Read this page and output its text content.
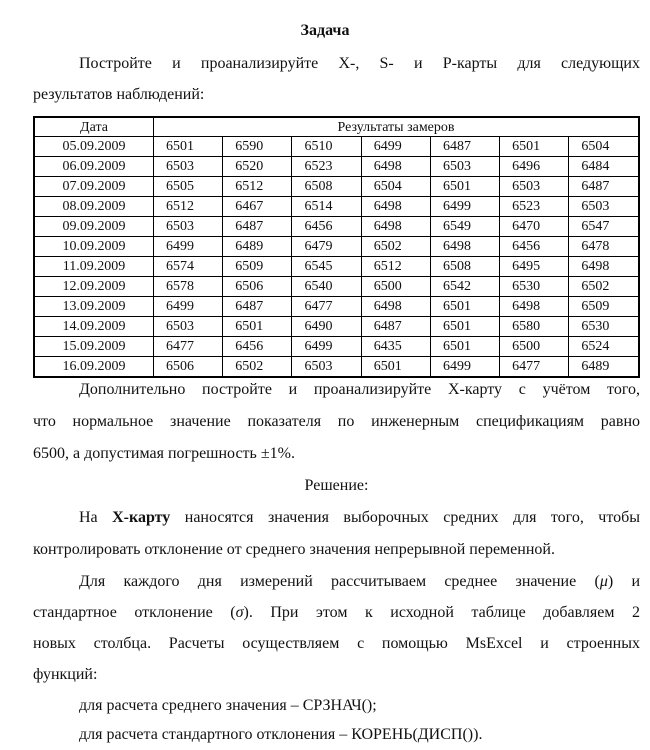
Задача
Постройте и проанализируйте X-, S- и P-карты для следующих
результатов наблюдений:
Дата	Результаты замеров						
05.09.2009	6501	6590	6510	6499	6487	6501	6504
06.09.2009	6503	6520	6523	6498	6503	6496	6484
07.09.2009	6505	6512	6508	6504	6501	6503	6487
08.09.2009	6512	6467	6514	6498	6499	6523	6503
09.09.2009	6503	6487	6456	6498	6549	6470	6547
10.09.2009	6499	6489	6479	6502	6498	6456	6478
11.09.2009	6574	6509	6545	6512	6508	6495	6498
12.09.2009	6578	6506	6540	6500	6542	6530	6502
13.09.2009	6499	6487	6477	6498	6501	6498	6509
14.09.2009	6503	6501	6490	6487	6501	6580	6530
15.09.2009	6477	6456	6499	6435	6501	6500	6524
16.09.2009	6506	6502	6503	6501	6499	6477	6489
Дополнительно постройте и проанализируйте X-карту с учётом того,
что нормальное значение показателя по инженерным спецификациям равно
6500, а допустимая погрешность ±1%.
Решение:
На X-карту наносятся значения выборочных средних для того, чтобы
контролировать отклонение от среднего значения непрерывной переменной.
Для каждого дня измерений рассчитываем среднее значение (μ) и
стандартное отклонение (σ). При этом к исходной таблице добавляем 2
новых столбца. Расчеты осуществляем с помощью MsExcel и строенных
функций:
для расчета среднего значения – СРЗНАЧ();
для расчета стандартного отклонения – КОРЕНЬ(ДИСП()).
